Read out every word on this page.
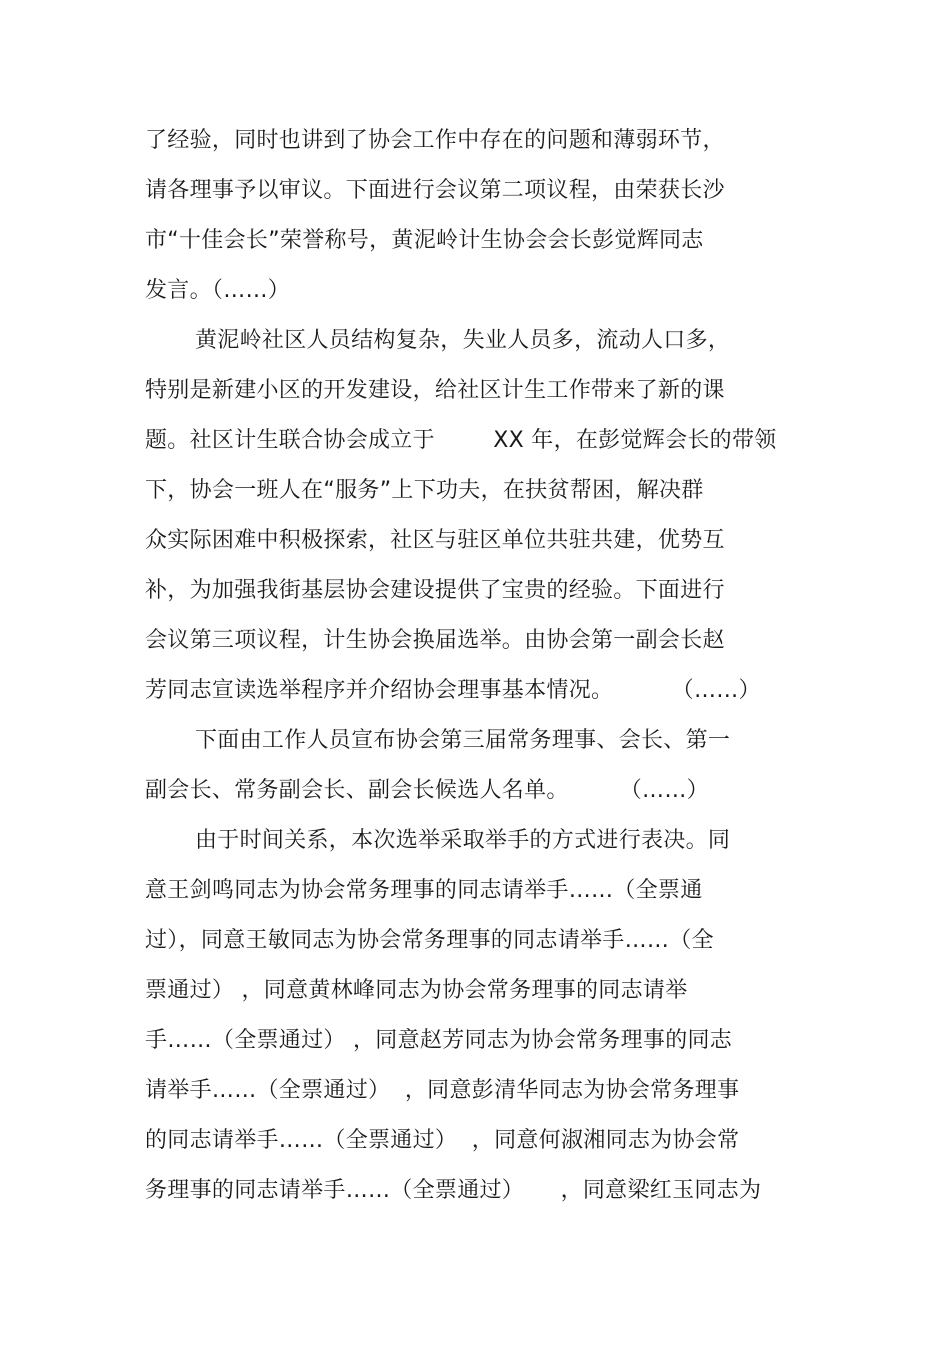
了经验，同时也讲到了协会工作中存在的问题和薄弱环节，
请各理事予以审议。下面进行会议第二项议程，由荣获长沙
市“十佳会长”荣誉称号，黄泥岭计生协会会长彭觉辉同志
发言。（……）
黄泥岭社区人员结构复杂，失业人员多，流动人口多，
特别是新建小区的开发建设，给社区计生工作带来了新的课
题。社区计生联合协会成立于        XX 年，在彭觉辉会长的带领
下，协会一班人在“服务”上下功夫，在扶贫帮困，解决群
众实际困难中积极探索，社区与驻区单位共驻共建，优势互
补，为加强我街基层协会建设提供了宝贵的经验。下面进行
会议第三项议程，计生协会换届选举。由协会第一副会长赵
芳同志宣读选举程序并介绍协会理事基本情况。        （……）
下面由工作人员宣布协会第三届常务理事、会长、第一
副会长、常务副会长、副会长候选人名单。       （……）
由于时间关系，本次选举采取举手的方式进行表决。同
意王剑鸣同志为协会常务理事的同志请举手……（全票通
过），同意王敏同志为协会常务理事的同志请举手……（全
票通过） ，同意黄林峰同志为协会常务理事的同志请举
手……（全票通过） ，同意赵芳同志为协会常务理事的同志
请举手……（全票通过）  ，同意彭清华同志为协会常务理事
的同志请举手……（全票通过）  ，同意何淑湘同志为协会常
务理事的同志请举手……（全票通过）     ，同意梁红玉同志为
